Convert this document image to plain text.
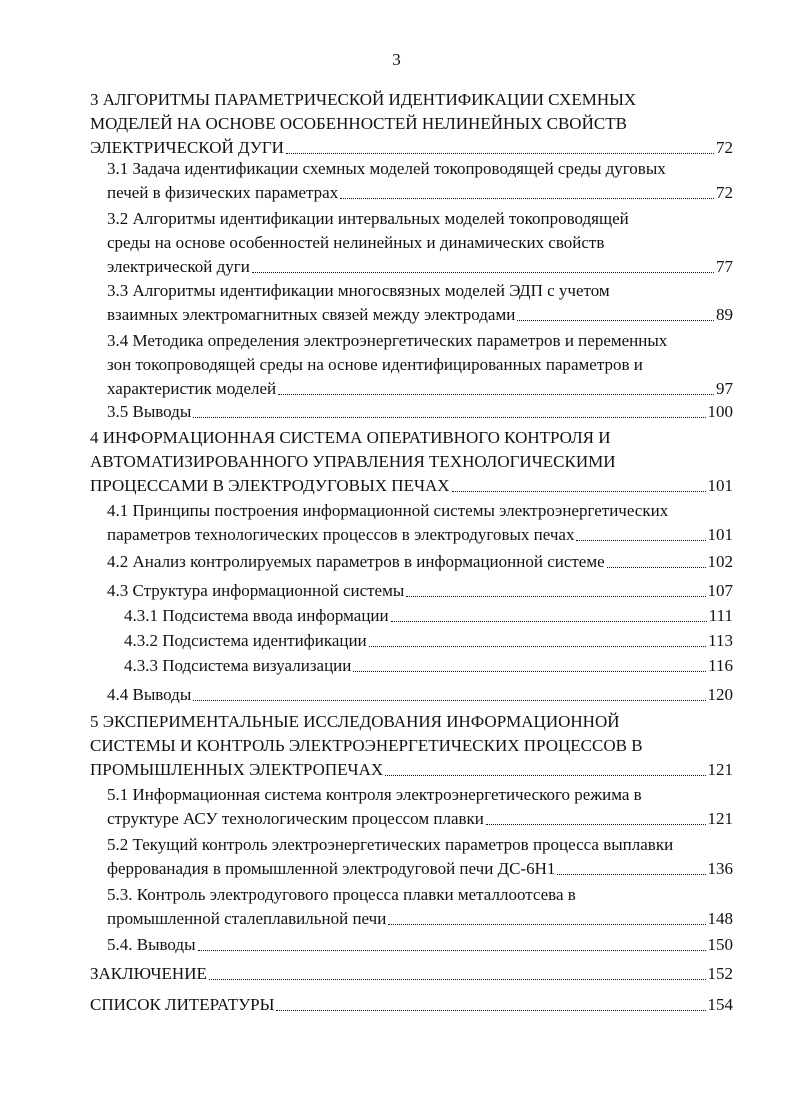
3
3 АЛГОРИТМЫ ПАРАМЕТРИЧЕСКОЙ ИДЕНТИФИКАЦИИ СХЕМНЫХ
МОДЕЛЕЙ НА ОСНОВЕ ОСОБЕННОСТЕЙ НЕЛИНЕЙНЫХ СВОЙСТВ
ЭЛЕКТРИЧЕСКОЙ ДУГИ	72
3.1 Задача идентификации схемных моделей токопроводящей среды дуговых
печей в физических параметрах	72
3.2 Алгоритмы идентификации интервальных моделей токопроводящей
среды на основе особенностей нелинейных и динамических свойств
электрической дуги	77
3.3 Алгоритмы идентификации многосвязных моделей ЭДП с учетом
взаимных электромагнитных связей между электродами	89
3.4 Методика определения электроэнергетических параметров и переменных
зон токопроводящей среды на основе идентифицированных параметров и
характеристик моделей	97
3.5 Выводы	100
4 ИНФОРМАЦИОННАЯ СИСТЕМА ОПЕРАТИВНОГО КОНТРОЛЯ И
АВТОМАТИЗИРОВАННОГО УПРАВЛЕНИЯ ТЕХНОЛОГИЧЕСКИМИ
ПРОЦЕССАМИ В ЭЛЕКТРОДУГОВЫХ ПЕЧАХ	101
4.1 Принципы построения информационной системы электроэнергетических
параметров технологических процессов в электродуговых печах	101
4.2 Анализ контролируемых параметров в информационной системе	102
4.3 Структура информационной системы	107
4.3.1 Подсистема ввода информации	111
4.3.2 Подсистема идентификации	113
4.3.3 Подсистема визуализации	116
4.4 Выводы	120
5 ЭКСПЕРИМЕНТАЛЬНЫЕ ИССЛЕДОВАНИЯ ИНФОРМАЦИОННОЙ
СИСТЕМЫ И КОНТРОЛЬ ЭЛЕКТРОЭНЕРГЕТИЧЕСКИХ ПРОЦЕССОВ В
ПРОМЫШЛЕННЫХ ЭЛЕКТРОПЕЧАХ	121
5.1 Информационная система контроля электроэнергетического режима в
структуре АСУ технологическим процессом плавки	121
5.2 Текущий контроль электроэнергетических параметров процесса выплавки
феррованадия в промышленной электродуговой печи ДС-6Н1	136
5.3. Контроль электродугового процесса плавки металлоотсева в
промышленной сталеплавильной печи	148
5.4. Выводы	150
ЗАКЛЮЧЕНИЕ	152
СПИСОК ЛИТЕРАТУРЫ	154
